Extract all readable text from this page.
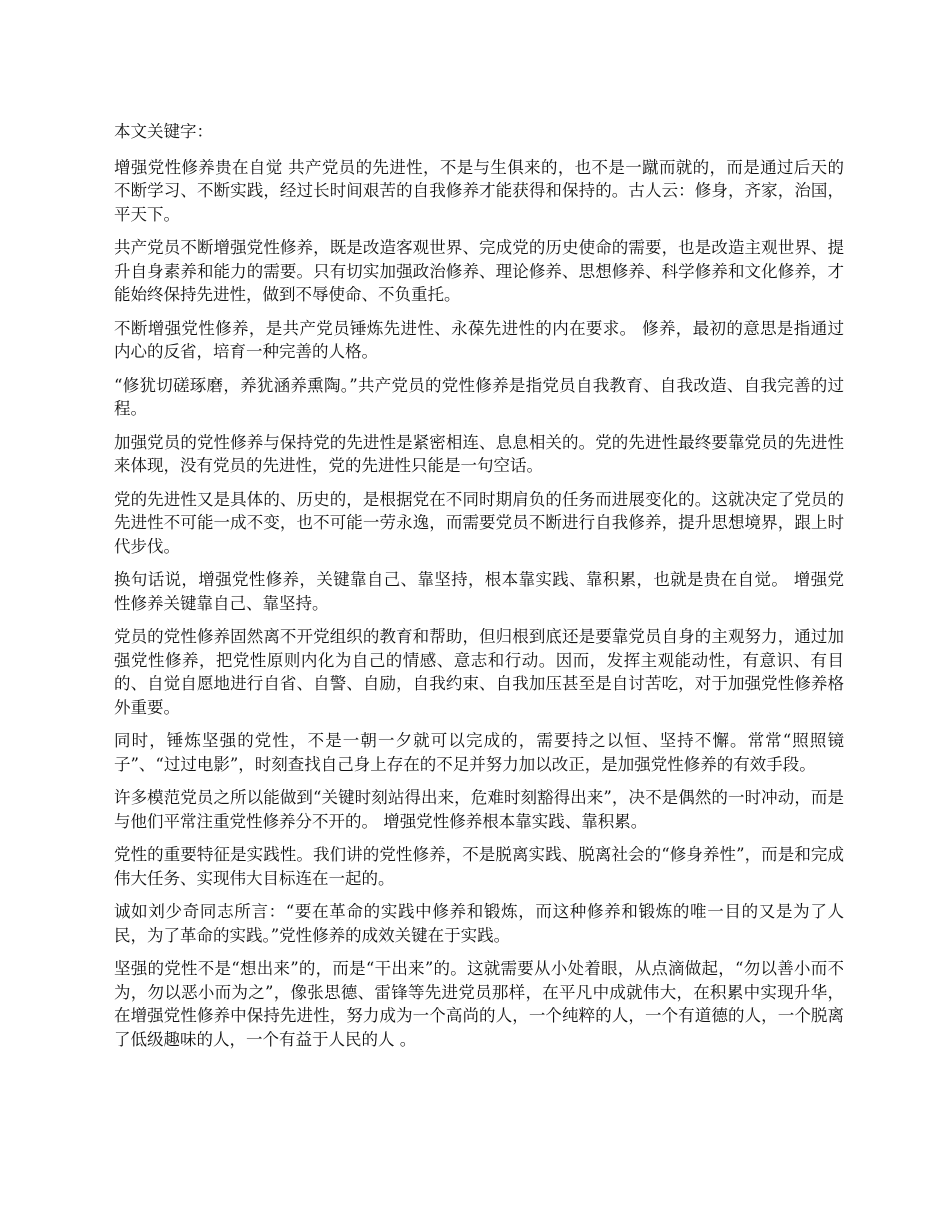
本文关键字：

增强党性修养贵在自觉 共产党员的先进性，不是与生俱来的，也不是一蹴而就的，而是通过后天的不断学习、不断实践，经过长时间艰苦的自我修养才能获得和保持的。古人云：修身，齐家，治国，平天下。

共产党员不断增强党性修养，既是改造客观世界、完成党的历史使命的需要，也是改造主观世界、提升自身素养和能力的需要。只有切实加强政治修养、理论修养、思想修养、科学修养和文化修养，才能始终保持先进性，做到不辱使命、不负重托。

不断增强党性修养，是共产党员锤炼先进性、永葆先进性的内在要求。 修养，最初的意思是指通过内心的反省，培育一种完善的人格。

“修犹切磋琢磨，养犹涵养熏陶。”共产党员的党性修养是指党员自我教育、自我改造、自我完善的过程。

加强党员的党性修养与保持党的先进性是紧密相连、息息相关的。党的先进性最终要靠党员的先进性来体现，没有党员的先进性，党的先进性只能是一句空话。

党的先进性又是具体的、历史的，是根据党在不同时期肩负的任务而进展变化的。这就决定了党员的先进性不可能一成不变，也不可能一劳永逸，而需要党员不断进行自我修养，提升思想境界，跟上时代步伐。

换句话说，增强党性修养，关键靠自己、靠坚持，根本靠实践、靠积累，也就是贵在自觉。 增强党性修养关键靠自己、靠坚持。

党员的党性修养固然离不开党组织的教育和帮助，但归根到底还是要靠党员自身的主观努力，通过加强党性修养，把党性原则内化为自己的情感、意志和行动。因而，发挥主观能动性，有意识、有目的、自觉自愿地进行自省、自警、自励，自我约束、自我加压甚至是自讨苦吃，对于加强党性修养格外重要。

同时，锤炼坚强的党性，不是一朝一夕就可以完成的，需要持之以恒、坚持不懈。常常“照照镜子”、“过过电影”，时刻查找自己身上存在的不足并努力加以改正，是加强党性修养的有效手段。

许多模范党员之所以能做到“关键时刻站得出来，危难时刻豁得出来”，决不是偶然的一时冲动，而是与他们平常注重党性修养分不开的。 增强党性修养根本靠实践、靠积累。

党性的重要特征是实践性。我们讲的党性修养，不是脱离实践、脱离社会的“修身养性”，而是和完成伟大任务、实现伟大目标连在一起的。

诚如刘少奇同志所言：“要在革命的实践中修养和锻炼，而这种修养和锻炼的唯一目的又是为了人民，为了革命的实践。”党性修养的成效关键在于实践。

坚强的党性不是“想出来”的，而是“干出来”的。这就需要从小处着眼，从点滴做起，“勿以善小而不为，勿以恶小而为之”，像张思德、雷锋等先进党员那样，在平凡中成就伟大，在积累中实现升华，在增强党性修养中保持先进性，努力成为一个高尚的人，一个纯粹的人，一个有道德的人，一个脱离了低级趣味的人，一个有益于人民的人 。
